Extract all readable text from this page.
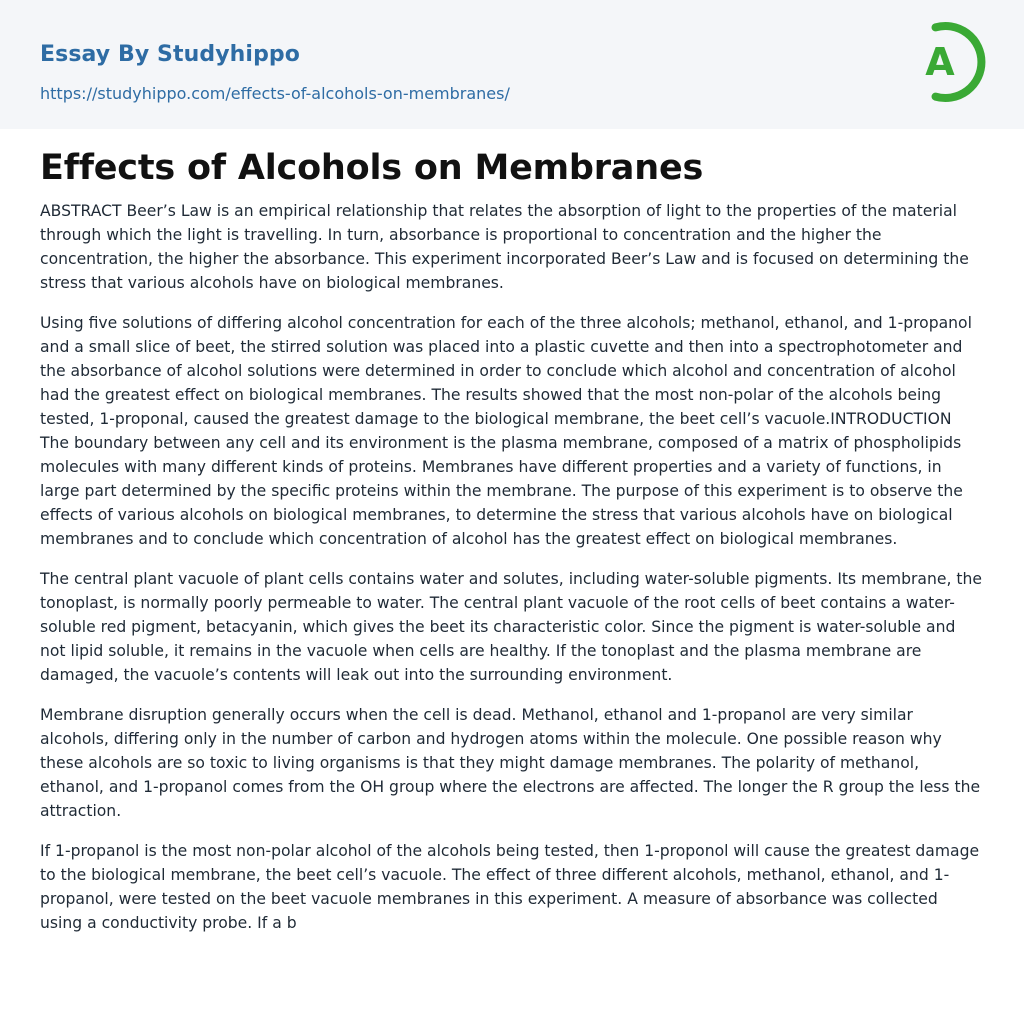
Essay By Studyhippo
https://studyhippo.com/effects-of-alcohols-on-membranes/
A
Effects of Alcohols on Membranes

ABSTRACT Beer’s Law is an empirical relationship that relates the absorption of light to the properties of the material through which the light is travelling. In turn, absorbance is proportional to concentration and the higher the concentration, the higher the absorbance. This experiment incorporated Beer’s Law and is focused on determining the stress that various alcohols have on biological membranes.

Using five solutions of differing alcohol concentration for each of the three alcohols; methanol, ethanol, and 1-propanol and a small slice of beet, the stirred solution was placed into a plastic cuvette and then into a spectrophotometer and the absorbance of alcohol solutions were determined in order to conclude which alcohol and concentration of alcohol had the greatest effect on biological membranes. The results showed that the most non-polar of the alcohols being tested, 1-proponal, caused the greatest damage to the biological membrane, the beet cell’s vacuole.INTRODUCTION The boundary between any cell and its environment is the plasma membrane, composed of a matrix of phospholipids molecules with many different kinds of proteins. Membranes have different properties and a variety of functions, in large part determined by the specific proteins within the membrane. The purpose of this experiment is to observe the effects of various alcohols on biological membranes, to determine the stress that various alcohols have on biological membranes and to conclude which concentration of alcohol has the greatest effect on biological membranes.

The central plant vacuole of plant cells contains water and solutes, including water-soluble pigments. Its membrane, the tonoplast, is normally poorly permeable to water. The central plant vacuole of the root cells of beet contains a water-soluble red pigment, betacyanin, which gives the beet its characteristic color. Since the pigment is water-soluble and not lipid soluble, it remains in the vacuole when cells are healthy. If the tonoplast and the plasma membrane are damaged, the vacuole’s contents will leak out into the surrounding environment.

Membrane disruption generally occurs when the cell is dead. Methanol, ethanol and 1-propanol are very similar alcohols, differing only in the number of carbon and hydrogen atoms within the molecule. One possible reason why these alcohols are so toxic to living organisms is that they might damage membranes. The polarity of methanol, ethanol, and 1-propanol comes from the OH group where the electrons are affected. The longer the R group the less the attraction.

If 1-propanol is the most non-polar alcohol of the alcohols being tested, then 1-proponol will cause the greatest damage to the biological membrane, the beet cell’s vacuole. The effect of three different alcohols, methanol, ethanol, and 1-propanol, were tested on the beet vacuole membranes in this experiment. A measure of absorbance was collected using a conductivity probe. If a b
